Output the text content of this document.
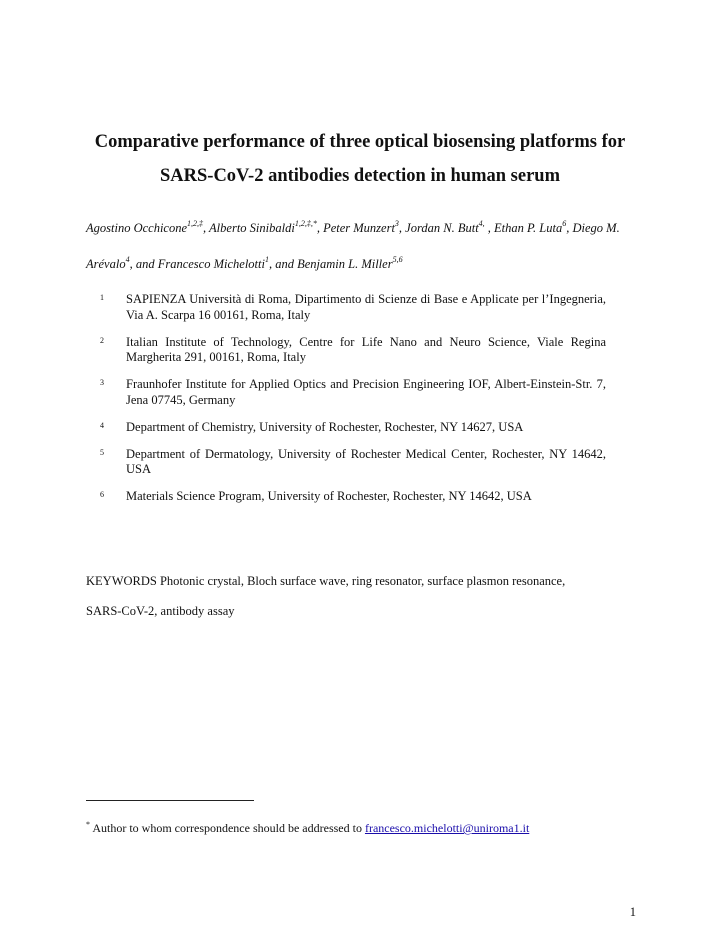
Comparative performance of three optical biosensing platforms for
SARS-CoV-2 antibodies detection in human serum
Agostino Occhicone$^{1,2,\ddagger}$, Alberto Sinibaldi$^{1,2,\ddagger,*}$, Peter Munzert$^3$, Jordan N. Butt$^{4,}$ , Ethan P. Luta$^6$, Diego M. Arévalo$^4$, and Francesco Michelotti$^1$, and Benjamin L. Miller$^{5,6}$
1	SAPIENZA Università di Roma, Dipartimento di Scienze di Base e Applicate per l’Ingegneria, Via A. Scarpa 16 00161, Roma, Italy
2	Italian Institute of Technology, Centre for Life Nano and Neuro Science, Viale Regina Margherita 291, 00161, Roma, Italy
3	Fraunhofer Institute for Applied Optics and Precision Engineering IOF, Albert-Einstein-Str. 7, Jena 07745, Germany
4	Department of Chemistry, University of Rochester, Rochester, NY 14627, USA
5	Department of Dermatology, University of Rochester Medical Center, Rochester, NY 14642, USA
6	Materials Science Program, University of Rochester, Rochester, NY 14642, USA
KEYWORDS Photonic crystal, Bloch surface wave, ring resonator, surface plasmon resonance,
SARS-CoV-2, antibody assay
* Author to whom correspondence should be addressed to francesco.michelotti@uniroma1.it
1
